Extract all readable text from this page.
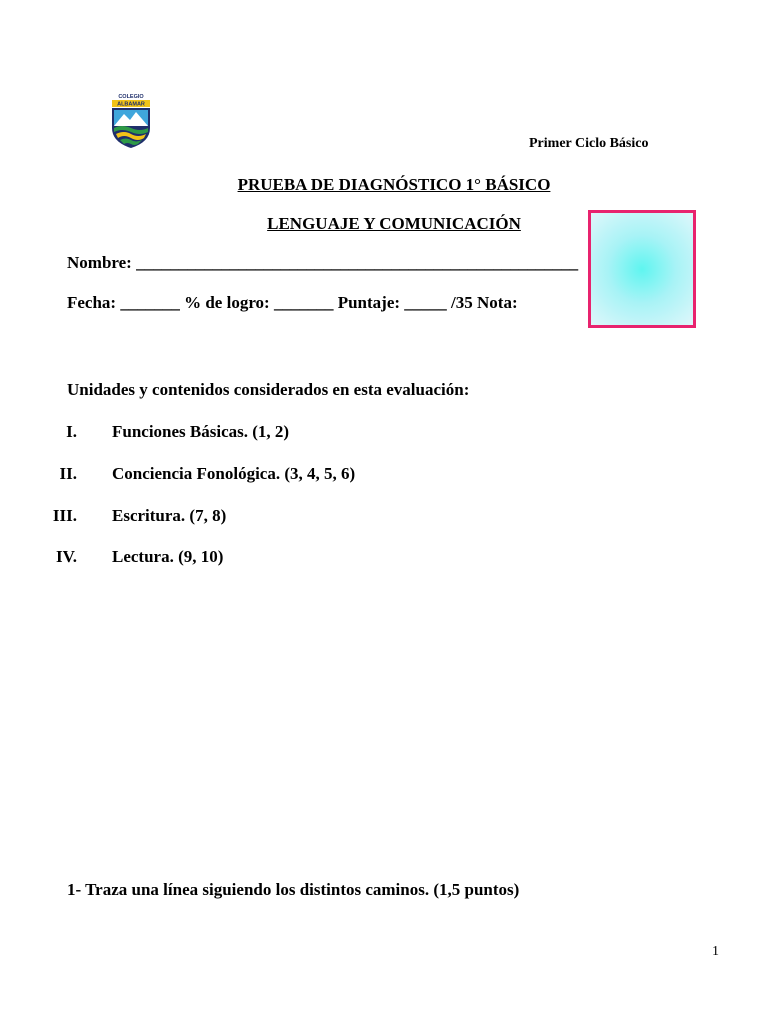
COLEGIO
ALBAMAR
Primer Ciclo Básico
PRUEBA DE DIAGNÓSTICO 1° BÁSICO
LENGUAJE Y COMUNICACIÓN
Nombre: ____________________________________________________
Fecha: _______ % de logro: _______ Puntaje: _____ /35 Nota:
Unidades y contenidos considerados en esta evaluación:
I. Funciones Básicas. (1, 2)
II. Conciencia Fonológica. (3, 4, 5, 6)
III. Escritura. (7, 8)
IV. Lectura. (9, 10)
1- Traza una línea siguiendo los distintos caminos. (1,5 puntos)
1
